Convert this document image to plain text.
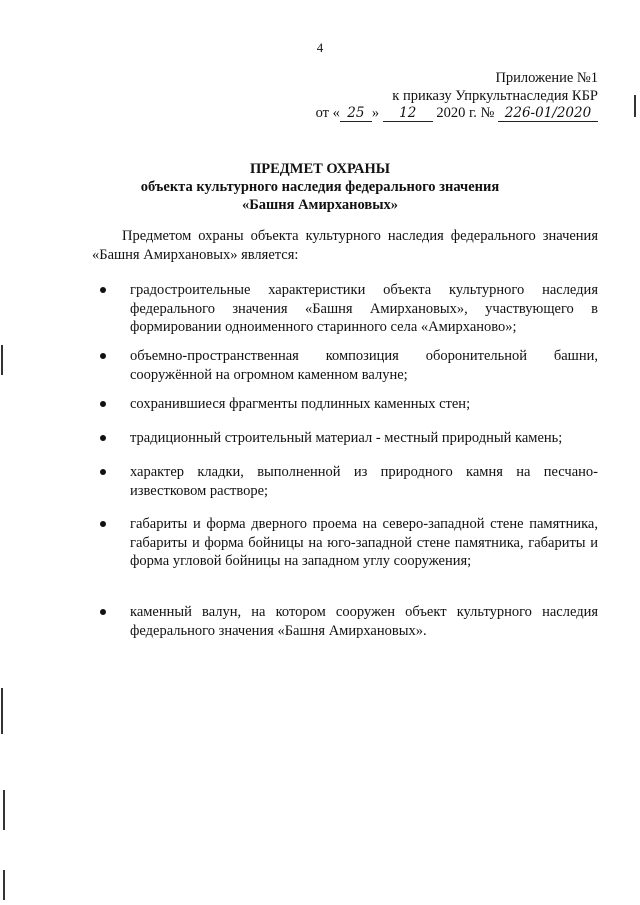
4
Приложение №1
к приказу Упркультнаследия КБР
от « 25 » 12 2020 г. № 226-01/2020
ПРЕДМЕТ ОХРАНЫ
объекта культурного наследия федерального значения
«Башня Амирхановых»

Предметом охраны объекта культурного наследия федерального значения «Башня Амирхановых» является:

градостроительные характеристики объекта культурного наследия федерального значения «Башня Амирхановых», участвующего в формировании одноименного старинного села «Амирханово»;
объемно-пространственная композиция оборонительной башни, сооружённой на огромном каменном валуне;
сохранившиеся фрагменты подлинных каменных стен;
традиционный строительный материал - местный природный камень;
характер кладки, выполненной из природного камня на песчано-известковом растворе;
габариты и форма дверного проема на северо-западной стене памятника, габариты и форма бойницы на юго-западной стене памятника, габариты и форма угловой бойницы на западном углу сооружения;
каменный валун, на котором сооружен объект культурного наследия федерального значения «Башня Амирхановых».
